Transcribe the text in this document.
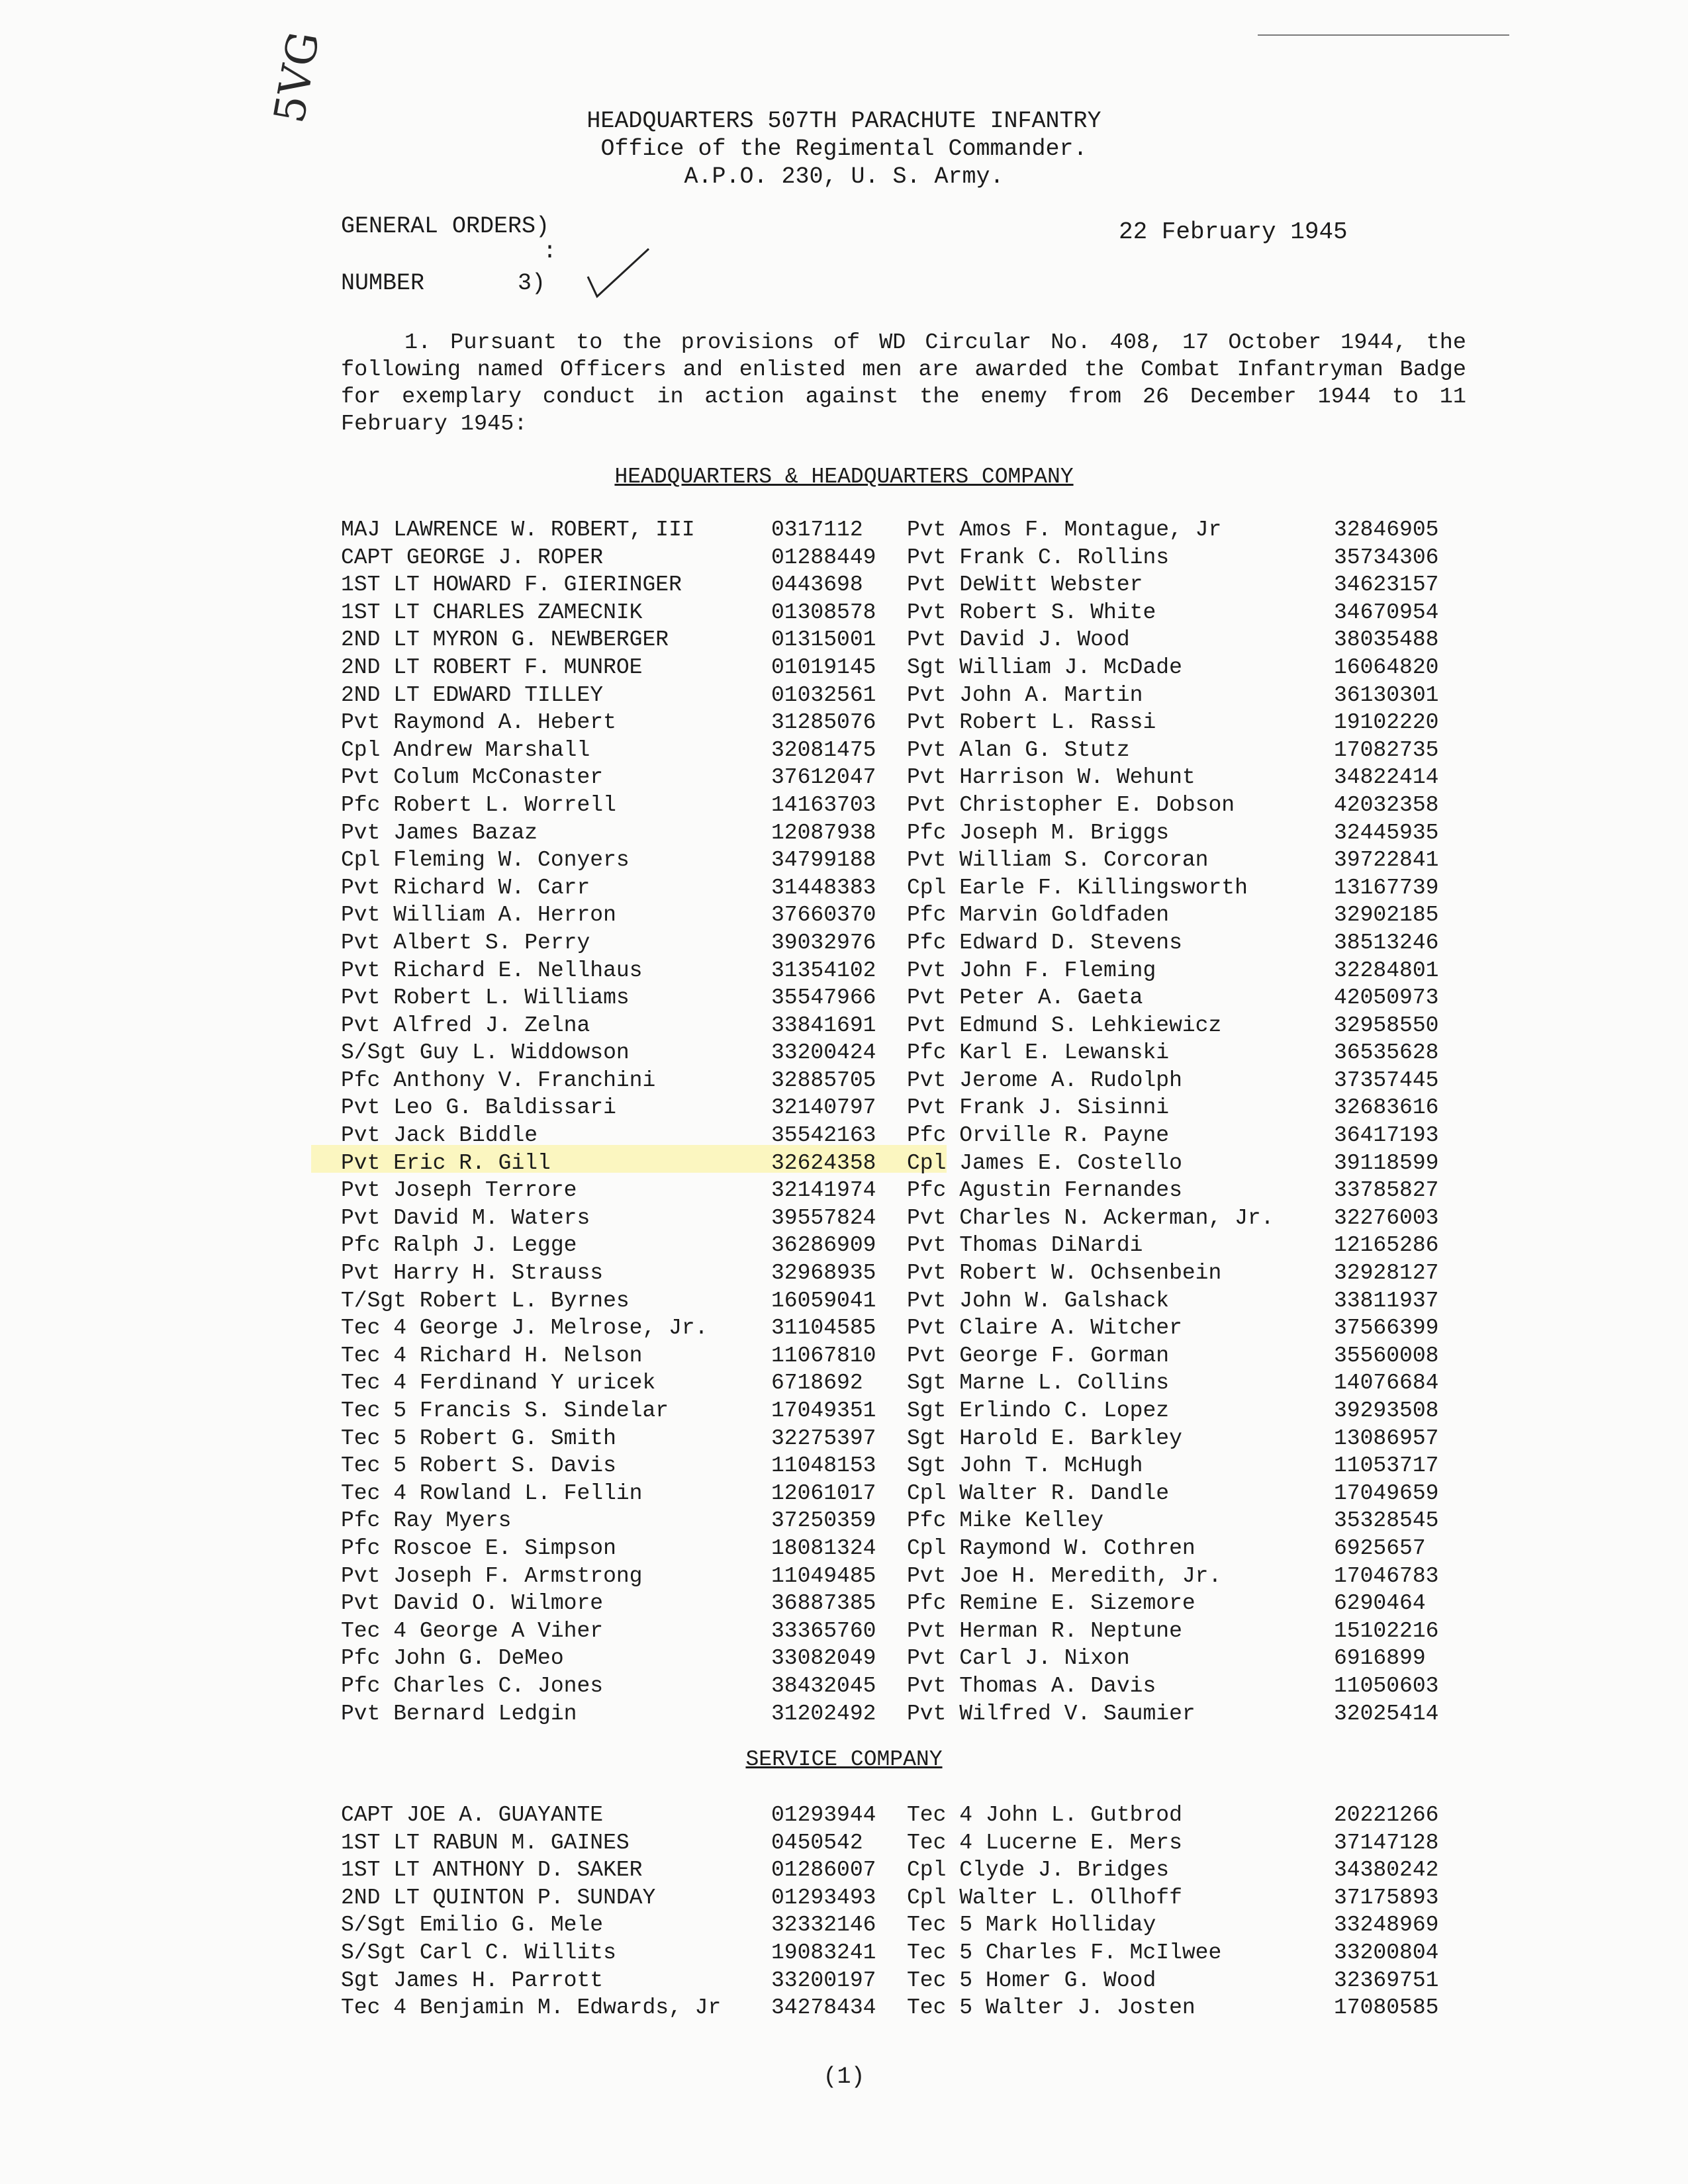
5VG	HEADQUARTERS 507TH PARACHUTE INFANTRY
Office of the Regimental Commander.
A.P.O. 230, U. S. Army.
GENERAL ORDERS)
:
NUMBER	3)
22 February 1945
1. Pursuant to the provisions of WD Circular No. 408, 17 October 1944, the following named Officers and enlisted men are awarded the Combat Infantryman Badge for exemplary conduct in action against the enemy from 26 December 1944 to 11 February 1945:
HEADQUARTERS & HEADQUARTERS COMPANY
MAJ LAWRENCE W. ROBERT, III	0317112 Pvt Amos F. Montague, Jr	32846905
CAPT GEORGE J. ROPER	01288449 Pvt Frank C. Rollins	35734306
1ST LT HOWARD F. GIERINGER	0443698 Pvt DeWitt Webster	34623157
1ST LT CHARLES ZAMECNIK	01308578 Pvt Robert S. White	34670954
2ND LT MYRON G. NEWBERGER	01315001 Pvt David J. Wood	38035488
2ND LT ROBERT F. MUNROE	01019145 Sgt William J. McDade	16064820
2ND LT EDWARD TILLEY	01032561 Pvt John A. Martin	36130301
Pvt Raymond A. Hebert	31285076 Pvt Robert L. Rassi	19102220
Cpl Andrew Marshall	32081475 Pvt Alan G. Stutz	17082735
Pvt Colum McConaster	37612047 Pvt Harrison W. Wehunt	34822414
Pfc Robert L. Worrell	14163703 Pvt Christopher E. Dobson	42032358
Pvt James Bazaz	12087938 Pfc Joseph M. Briggs	32445935
Cpl Fleming W. Conyers	34799188 Pvt William S. Corcoran	39722841
Pvt Richard W. Carr	31448383 Cpl Earle F. Killingsworth	13167739
Pvt William A. Herron	37660370 Pfc Marvin Goldfaden	32902185
Pvt Albert S. Perry	39032976 Pfc Edward D. Stevens	38513246
Pvt Richard E. Nellhaus	31354102 Pvt John F. Fleming	32284801
Pvt Robert L. Williams	35547966 Pvt Peter A. Gaeta	42050973
Pvt Alfred J. Zelna	33841691 Pvt Edmund S. Lehkiewicz	32958550
S/Sgt Guy L. Widdowson	33200424 Pfc Karl E. Lewanski	36535628
Pfc Anthony V. Franchini	32885705 Pvt Jerome A. Rudolph	37357445
Pvt Leo G. Baldissari	32140797 Pvt Frank J. Sisinni	32683616
Pvt Jack Biddle	35542163 Pfc Orville R. Payne	36417193
Pvt Eric R. Gill	32624358 Cpl James E. Costello	39118599
Pvt Joseph Terrore	32141974 Pfc Agustin Fernandes	33785827
Pvt David M. Waters	39557824 Pvt Charles N. Ackerman, Jr.	32276003
Pfc Ralph J. Legge	36286909 Pvt Thomas DiNardi	12165286
Pvt Harry H. Strauss	32968935 Pvt Robert W. Ochsenbein	32928127
T/Sgt Robert L. Byrnes	16059041 Pvt John W. Galshack	33811937
Tec 4 George J. Melrose, Jr.	31104585 Pvt Claire A. Witcher	37566399
Tec 4 Richard H. Nelson	11067810 Pvt George F. Gorman	35560008
Tec 4 Ferdinand Y uricek	6718692 Sgt Marne L. Collins	14076684
Tec 5 Francis S. Sindelar	17049351 Sgt Erlindo C. Lopez	39293508
Tec 5 Robert G. Smith	32275397 Sgt Harold E. Barkley	13086957
Tec 5 Robert S. Davis	11048153 Sgt John T. McHugh	11053717
Tec 4 Rowland L. Fellin	12061017 Cpl Walter R. Dandle	17049659
Pfc Ray Myers	37250359 Pfc Mike Kelley	35328545
Pfc Roscoe E. Simpson	18081324 Cpl Raymond W. Cothren	6925657
Pvt Joseph F. Armstrong	11049485 Pvt Joe H. Meredith, Jr.	17046783
Pvt David O. Wilmore	36887385 Pfc Remine E. Sizemore	6290464
Tec 4 George A Viher	33365760 Pvt Herman R. Neptune	15102216
Pfc John G. DeMeo	33082049 Pvt Carl J. Nixon	6916899
Pfc Charles C. Jones	38432045 Pvt Thomas A. Davis	11050603
Pvt Bernard Ledgin	31202492 Pvt Wilfred V. Saumier	32025414
SERVICE COMPANY
CAPT JOE A. GUAYANTE	01293944 Tec 4 John L. Gutbrod	20221266
1ST LT RABUN M. GAINES	0450542 Tec 4 Lucerne E. Mers	37147128
1ST LT ANTHONY D. SAKER	01286007 Cpl Clyde J. Bridges	34380242
2ND LT QUINTON P. SUNDAY	01293493 Cpl Walter L. Ollhoff	37175893
S/Sgt Emilio G. Mele	32332146 Tec 5 Mark Holliday	33248969
S/Sgt Carl C. Willits	19083241 Tec 5 Charles F. McIlwee	33200804
Sgt James H. Parrott	33200197 Tec 5 Homer G. Wood	32369751
Tec 4 Benjamin M. Edwards, Jr 34278434 Tec 5 Walter J. Josten	17080585
(1)
